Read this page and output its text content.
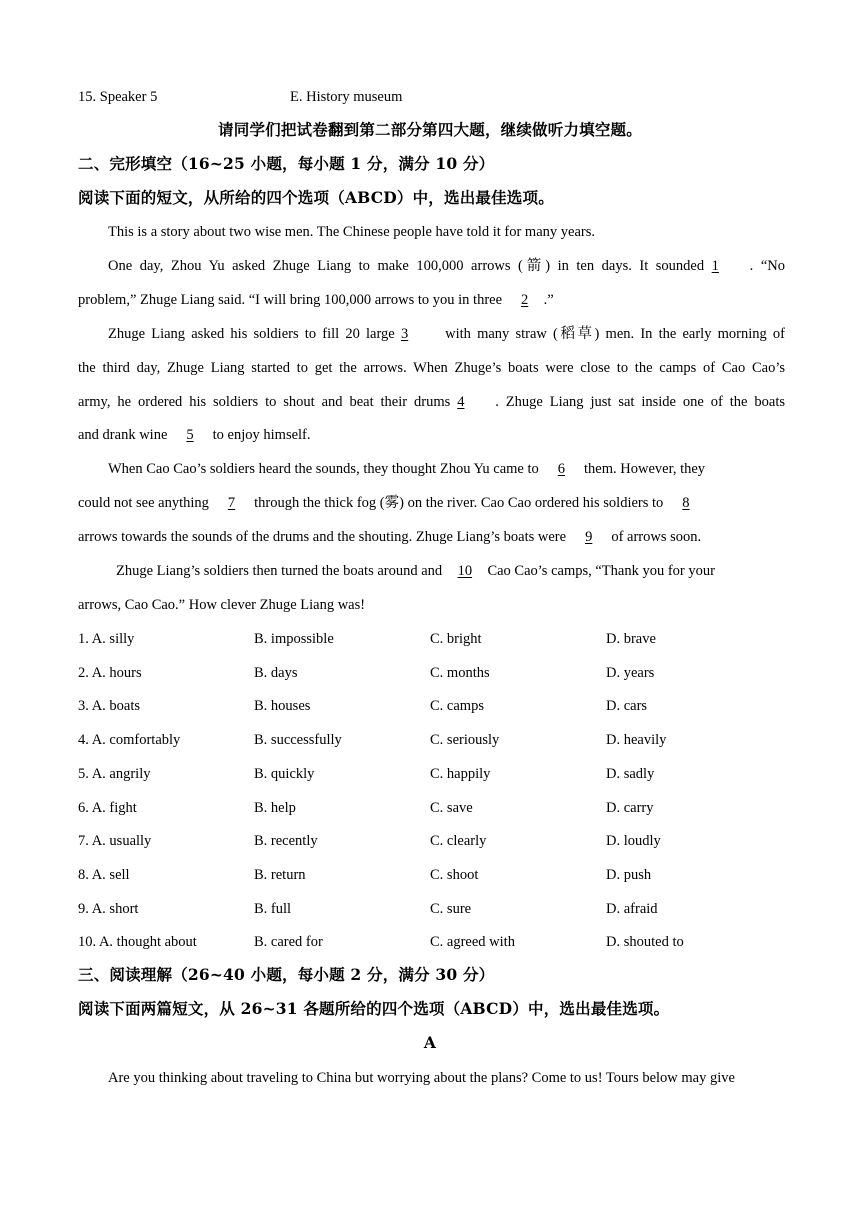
15. Speaker 5	E. History museum
请同学们把试卷翻到第二部分第四大题，继续做听力填空题。
二、完形填空（16~25 小题，每小题 1 分，满分 10 分）
阅读下面的短文，从所给的四个选项（ABCD）中，选出最佳选项。
This is a story about two wise men. The Chinese people have told it for many years.
One day, Zhou Yu asked Zhuge Liang to make 100,000 arrows (箭) in ten days. It sounded 1 . “No
problem,” Zhuge Liang said. “I will bring 100,000 arrows to you in three 2 .”
Zhuge Liang asked his soldiers to fill 20 large 3	with many straw (稻草) men. In the early morning of
the third day, Zhuge Liang started to get the arrows. When Zhuge’s boats were close to the camps of Cao Cao’s
army, he ordered his soldiers to shout and beat their drums 4 . Zhuge Liang just sat inside one of the boats
and drank wine 5 to enjoy himself.
When Cao Cao’s soldiers heard the sounds, they thought Zhou Yu came to 6 them. However, they
could not see anything 7 through the thick fog (雾) on the river. Cao Cao ordered his soldiers to 8
arrows towards the sounds of the drums and the shouting. Zhuge Liang’s boats were 9 of arrows soon.
Zhuge Liang’s soldiers then turned the boats around and 10 Cao Cao’s camps, “Thank you for your
arrows, Cao Cao.” How clever Zhuge Liang was!
1. A. silly	B. impossible	C. bright	D. brave
2. A. hours	B. days	C. months	D. years
3. A. boats	B. houses	C. camps	D. cars
4. A. comfortably	B. successfully	C. seriously	D. heavily
5. A. angrily	B. quickly	C. happily	D. sadly
6. A. fight	B. help	C. save	D. carry
7. A. usually	B. recently	C. clearly	D. loudly
8. A. sell	B. return	C. shoot	D. push
9. A. short	B. full	C. sure	D. afraid
10. A. thought about	B. cared for	C. agreed with	D. shouted to
三、阅读理解（26~40 小题，每小题 2 分，满分 30 分）
阅读下面两篇短文，从 26~31 各题所给的四个选项（ABCD）中，选出最佳选项。
A
Are you thinking about traveling to China but worrying about the plans? Come to us! Tours below may give
